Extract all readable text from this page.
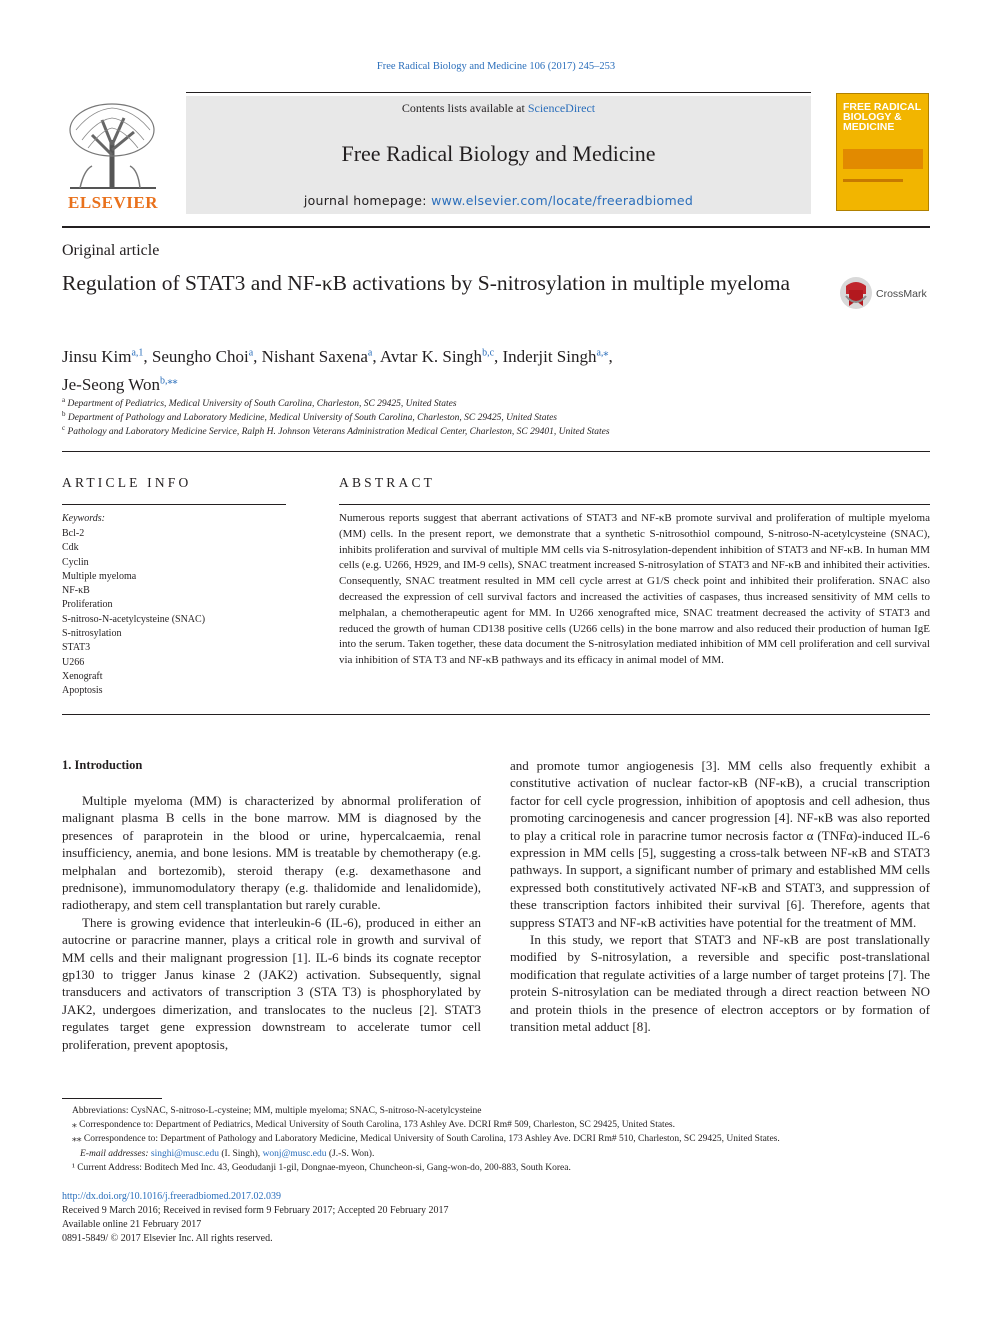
Free Radical Biology and Medicine 106 (2017) 245–253
ELSEVIER
Contents lists available at ScienceDirect
Free Radical Biology and Medicine
journal homepage: www.elsevier.com/locate/freeradbiomed
FREE RADICAL BIOLOGY & MEDICINE
Original article
Regulation of STAT3 and NF-κB activations by S-nitrosylation in multiple myeloma	CrossMark
Jinsu Kim$^{a,1}$, Seungho Choi$^a$, Nishant Saxena$^a$, Avtar K. Singh$^{b,c}$, Inderjit Singh$^{a,⁎}$,
Je-Seong Won$^{b,⁎⁎}$
$^a$ Department of Pediatrics, Medical University of South Carolina, Charleston, SC 29425, United States
$^b$ Department of Pathology and Laboratory Medicine, Medical University of South Carolina, Charleston, SC 29425, United States
$^c$ Pathology and Laboratory Medicine Service, Ralph H. Johnson Veterans Administration Medical Center, Charleston, SC 29401, United States
ARTICLE INFO
Keywords:
Bcl-2
Cdk
Cyclin
Multiple myeloma
NF-κB
Proliferation
S-nitroso-N-acetylcysteine (SNAC)
S-nitrosylation
STAT3
U266
Xenograft
Apoptosis
ABSTRACT
Numerous reports suggest that aberrant activations of STAT3 and NF-κB promote survival and proliferation of multiple myeloma (MM) cells. In the present report, we demonstrate that a synthetic S-nitrosothiol compound, S-nitroso-N-acetylcysteine (SNAC), inhibits proliferation and survival of multiple MM cells via S-nitrosylation-dependent inhibition of STAT3 and NF-κB. In human MM cells (e.g. U266, H929, and IM-9 cells), SNAC treatment increased S-nitrosylation of STAT3 and NF-κB and inhibited their activities. Consequently, SNAC treatment resulted in MM cell cycle arrest at G1/S check point and inhibited their proliferation. SNAC also decreased the expression of cell survival factors and increased the activities of caspases, thus increased sensitivity of MM cells to melphalan, a chemotherapeutic agent for MM. In U266 xenografted mice, SNAC treatment decreased the activity of STAT3 and reduced the growth of human CD138 positive cells (U266 cells) in the bone marrow and also reduced their production of human IgE into the serum. Taken together, these data document the S-nitrosylation mediated inhibition of MM cell proliferation and cell survival via inhibition of STA T3 and NF-κB pathways and its efficacy in animal model of MM.
1. Introduction

Multiple myeloma (MM) is characterized by abnormal proliferation of malignant plasma B cells in the bone marrow. MM is diagnosed by the presences of paraprotein in the blood or urine, hypercalcaemia, renal insufficiency, anemia, and bone lesions. MM is treatable by chemotherapy (e.g. melphalan and bortezomib), steroid therapy (e.g. dexamethasone and prednisone), immunomodulatory therapy (e.g. thalidomide and lenalidomide), radiotherapy, and stem cell transplantation but rarely curable.

There is growing evidence that interleukin-6 (IL-6), produced in either an autocrine or paracrine manner, plays a critical role in growth and survival of MM cells and their malignant progression [1]. IL-6 binds its cognate receptor gp130 to trigger Janus kinase 2 (JAK2) activation. Subsequently, signal transducers and activators of transcription 3 (STA T3) is phosphorylated by JAK2, undergoes dimerization, and translocates to the nucleus [2]. STAT3 regulates target gene expression downstream to accelerate tumor cell proliferation, prevent apoptosis,

and promote tumor angiogenesis [3]. MM cells also frequently exhibit a constitutive activation of nuclear factor-κB (NF-κB), a crucial transcription factor for cell cycle progression, inhibition of apoptosis and cell adhesion, thus promoting carcinogenesis and cancer progression [4]. NF-κB was also reported to play a critical role in paracrine tumor necrosis factor α (TNFα)-induced IL-6 expression in MM cells [5], suggesting a cross-talk between NF-κB and STAT3 pathways. In support, a significant number of primary and established MM cells expressed both constitutively activated NF-κB and STAT3, and suppression of these transcription factors inhibited their survival [6]. Therefore, agents that suppress STAT3 and NF-κB activities have potential for the treatment of MM.

In this study, we report that STAT3 and NF-κB are post translationally modified by S-nitrosylation, a reversible and specific post-translational modification that regulate activities of a large number of target proteins [7]. The protein S-nitrosylation can be mediated through a direct reaction between NO and protein thiols in the presence of electron acceptors or by formation of transition metal adduct [8].

Abbreviations: CysNAC, S-nitroso-L-cysteine; MM, multiple myeloma; SNAC, S-nitroso-N-acetylcysteine
⁎ Correspondence to: Department of Pediatrics, Medical University of South Carolina, 173 Ashley Ave. DCRI Rm# 509, Charleston, SC 29425, United States.
⁎⁎ Correspondence to: Department of Pathology and Laboratory Medicine, Medical University of South Carolina, 173 Ashley Ave. DCRI Rm# 510, Charleston, SC 29425, United States.
E-mail addresses: singhi@musc.edu (I. Singh), wonj@musc.edu (J.-S. Won).
¹ Current Address: Boditech Med Inc. 43, Geodudanji 1-gil, Dongnae-myeon, Chuncheon-si, Gang-won-do, 200-883, South Korea.
http://dx.doi.org/10.1016/j.freeradbiomed.2017.02.039
Received 9 March 2016; Received in revised form 9 February 2017; Accepted 20 February 2017
Available online 21 February 2017
0891-5849/ © 2017 Elsevier Inc. All rights reserved.
